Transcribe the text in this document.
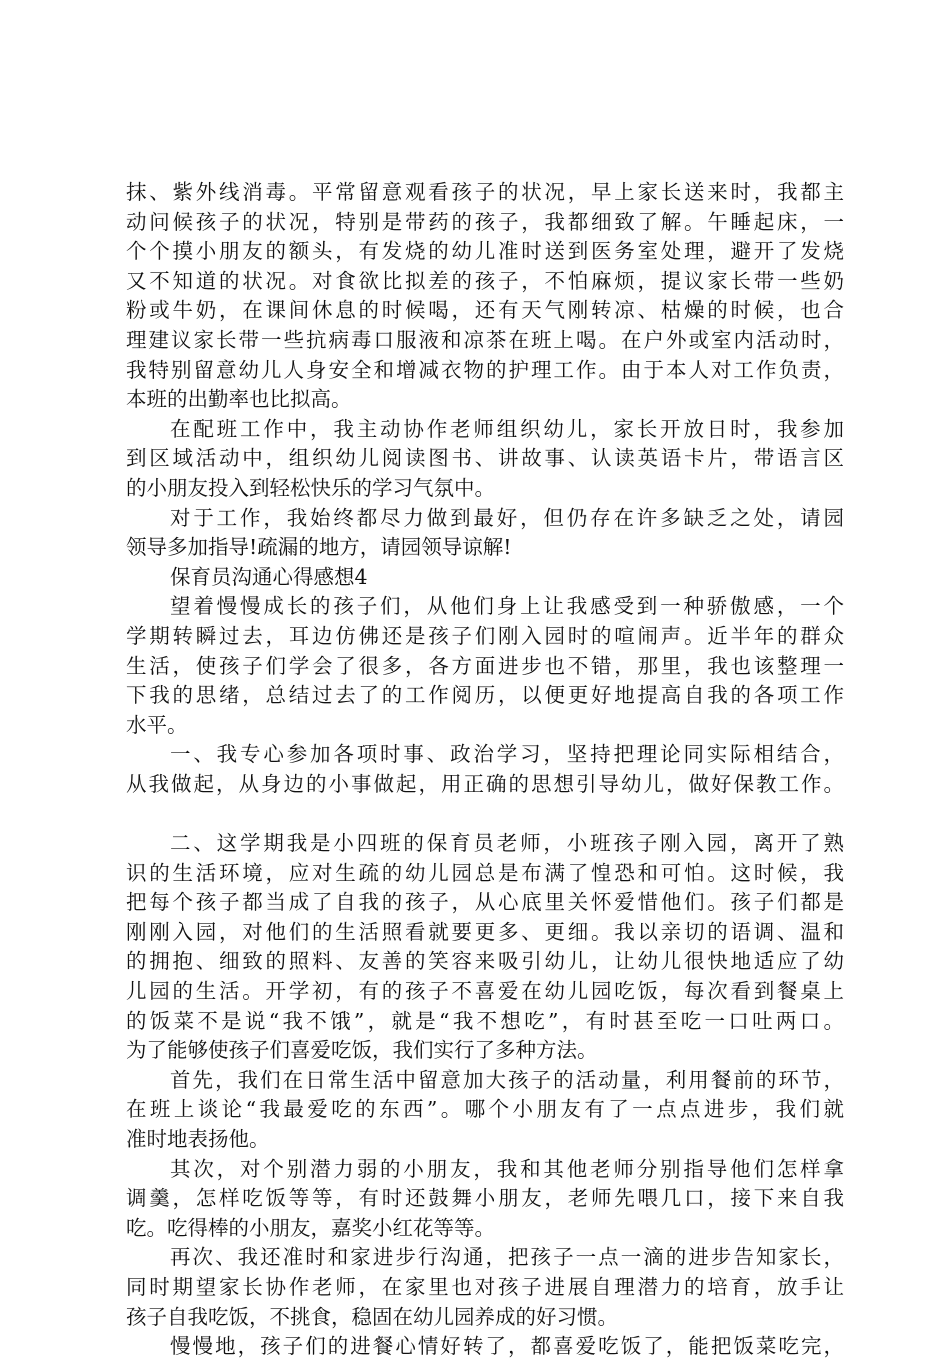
抹、紫外线消毒。平常留意观看孩子的状况，早上家长送来时，我都主
动问候孩子的状况，特别是带药的孩子，我都细致了解。午睡起床，一
个个摸小朋友的额头，有发烧的幼儿准时送到医务室处理，避开了发烧
又不知道的状况。对食欲比拟差的孩子，不怕麻烦，提议家长带一些奶
粉或牛奶，在课间休息的时候喝，还有天气刚转凉、枯燥的时候，也合
理建议家长带一些抗病毒口服液和凉茶在班上喝。在户外或室内活动时，
我特别留意幼儿人身安全和增减衣物的护理工作。由于本人对工作负责，
本班的出勤率也比拟高。
在配班工作中，我主动协作老师组织幼儿，家长开放日时，我参加
到区域活动中，组织幼儿阅读图书、讲故事、认读英语卡片，带语言区
的小朋友投入到轻松快乐的学习气氛中。
对于工作，我始终都尽力做到最好，但仍存在许多缺乏之处，请园
领导多加指导!疏漏的地方，请园领导谅解!
保育员沟通心得感想4
望着慢慢成长的孩子们，从他们身上让我感受到一种骄傲感，一个
学期转瞬过去，耳边仿佛还是孩子们刚入园时的喧闹声。近半年的群众
生活，使孩子们学会了很多，各方面进步也不错，那里，我也该整理一
下我的思绪，总结过去了的工作阅历，以便更好地提高自我的各项工作
水平。
一、我专心参加各项时事、政治学习，坚持把理论同实际相结合，
从我做起，从身边的小事做起，用正确的思想引导幼儿，做好保教工作。
二、这学期我是小四班的保育员老师，小班孩子刚入园，离开了熟
识的生活环境，应对生疏的幼儿园总是布满了惶恐和可怕。这时候，我
把每个孩子都当成了自我的孩子，从心底里关怀爱惜他们。孩子们都是
刚刚入园，对他们的生活照看就要更多、更细。我以亲切的语调、温和
的拥抱、细致的照料、友善的笑容来吸引幼儿，让幼儿很快地适应了幼
儿园的生活。开学初，有的孩子不喜爱在幼儿园吃饭，每次看到餐桌上
的饭菜不是说“我不饿”，就是“我不想吃”，有时甚至吃一口吐两口。
为了能够使孩子们喜爱吃饭，我们实行了多种方法。
首先，我们在日常生活中留意加大孩子的活动量，利用餐前的环节，
在班上谈论“我最爱吃的东西”。哪个小朋友有了一点点进步，我们就
准时地表扬他。
其次，对个别潜力弱的小朋友，我和其他老师分别指导他们怎样拿
调羹，怎样吃饭等等，有时还鼓舞小朋友，老师先喂几口，接下来自我
吃。吃得棒的小朋友，嘉奖小红花等等。
再次、我还准时和家进步行沟通，把孩子一点一滴的进步告知家长，
同时期望家长协作老师，在家里也对孩子进展自理潜力的培育，放手让
孩子自我吃饭，不挑食，稳固在幼儿园养成的好习惯。
慢慢地，孩子们的进餐心情好转了，都喜爱吃饭了，能把饭菜吃完，
